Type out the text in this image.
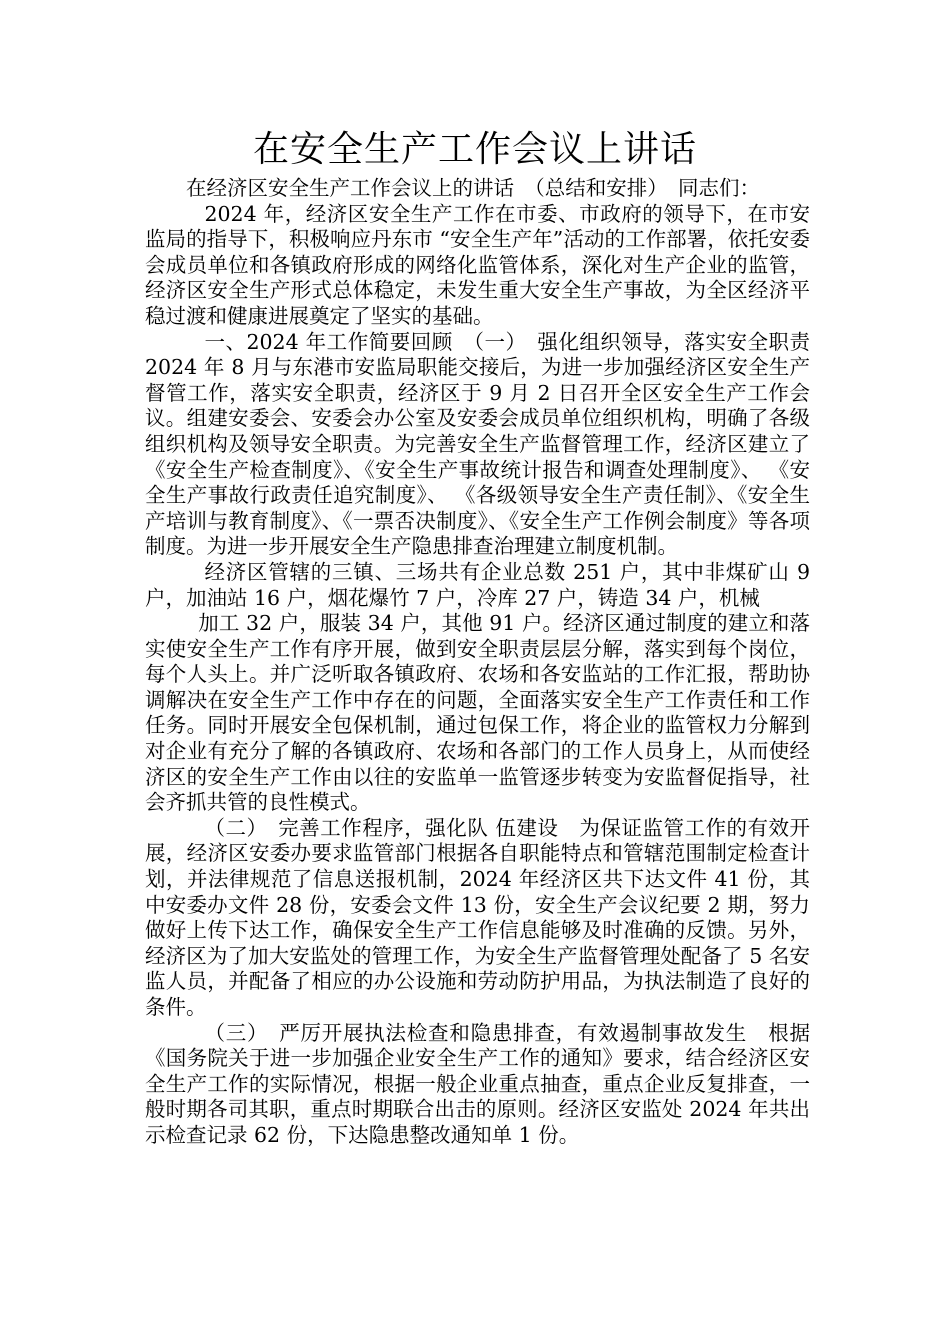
在安全生产工作会议上讲话

在经济区安全生产工作会议上的讲话　（总结和安排）　同志们：

2024 年，经济区安全生产工作在市委、市政府的领导下，在市安监局的指导下，积极响应丹东市 “安全生产年”活动的工作部署，依托安委会成员单位和各镇政府形成的网络化监管体系，深化对生产企业的监管，经济区安全生产形式总体稳定，未发生重大安全生产事故，为全区经济平稳过渡和健康进展奠定了坚实的基础。

一、2024 年工作简要回顾　（一）　强化组织领导，落实安全职责　2024 年 8 月与东港市安监局职能交接后，为进一步加强经济区安全生产督管工作，落实安全职责，经济区于 9 月 2 日召开全区安全生产工作会议。组建安委会、安委会办公室及安委会成员单位组织机构，明确了各级组织机构及领导安全职责。为完善安全生产监督管理工作，经济区建立了《安全生产检查制度》、《安全生产事故统计报告和调查处理制度》、 《安全生产事故行政责任追究制度》、 《各级领导安全生产责任制》、《安全生产培训与教育制度》、《一票否决制度》、《安全生产工作例会制度》等各项制度。为进一步开展安全生产隐患排查治理建立制度机制。

经济区管辖的三镇、三场共有企业总数 251 户，其中非煤矿山 9 户，加油站 16 户，烟花爆竹 7 户，冷库 27 户，铸造 34 户，机械

加工 32 户，服装 34 户，其他 91 户。经济区通过制度的建立和落实使安全生产工作有序开展，做到安全职责层层分解，落实到每个岗位，每个人头上。并广泛听取各镇政府、农场和各安监站的工作汇报，帮助协调解决在安全生产工作中存在的问题，全面落实安全生产工作责任和工作任务。同时开展安全包保机制，通过包保工作，将企业的监管权力分解到对企业有充分了解的各镇政府、农场和各部门的工作人员身上，从而使经济区的安全生产工作由以往的安监单一监管逐步转变为安监督促指导，社会齐抓共管的良性模式。

（二）　完善工作程序，强化队 伍建设　为保证监管工作的有效开展，经济区安委办要求监管部门根据各自职能特点和管辖范围制定检查计划，并法律规范了信息送报机制，2024 年经济区共下达文件 41 份，其中安委办文件 28 份，安委会文件 13 份，安全生产会议纪要 2 期，努力做好上传下达工作，确保安全生产工作信息能够及时准确的反馈。另外，经济区为了加大安监处的管理工作，为安全生产监督管理处配备了 5 名安监人员，并配备了相应的办公设施和劳动防护用品，为执法制造了良好的条件。

（三）　严厉开展执法检查和隐患排查，有效遏制事故发生　根据《国务院关于进一步加强企业安全生产工作的通知》要求，结合经济区安全生产工作的实际情况，根据一般企业重点抽查，重点企业反复排查，一般时期各司其职，重点时期联合出击的原则。经济区安监处 2024 年共出示检查记录 62 份，下达隐患整改通知单 1 份。
